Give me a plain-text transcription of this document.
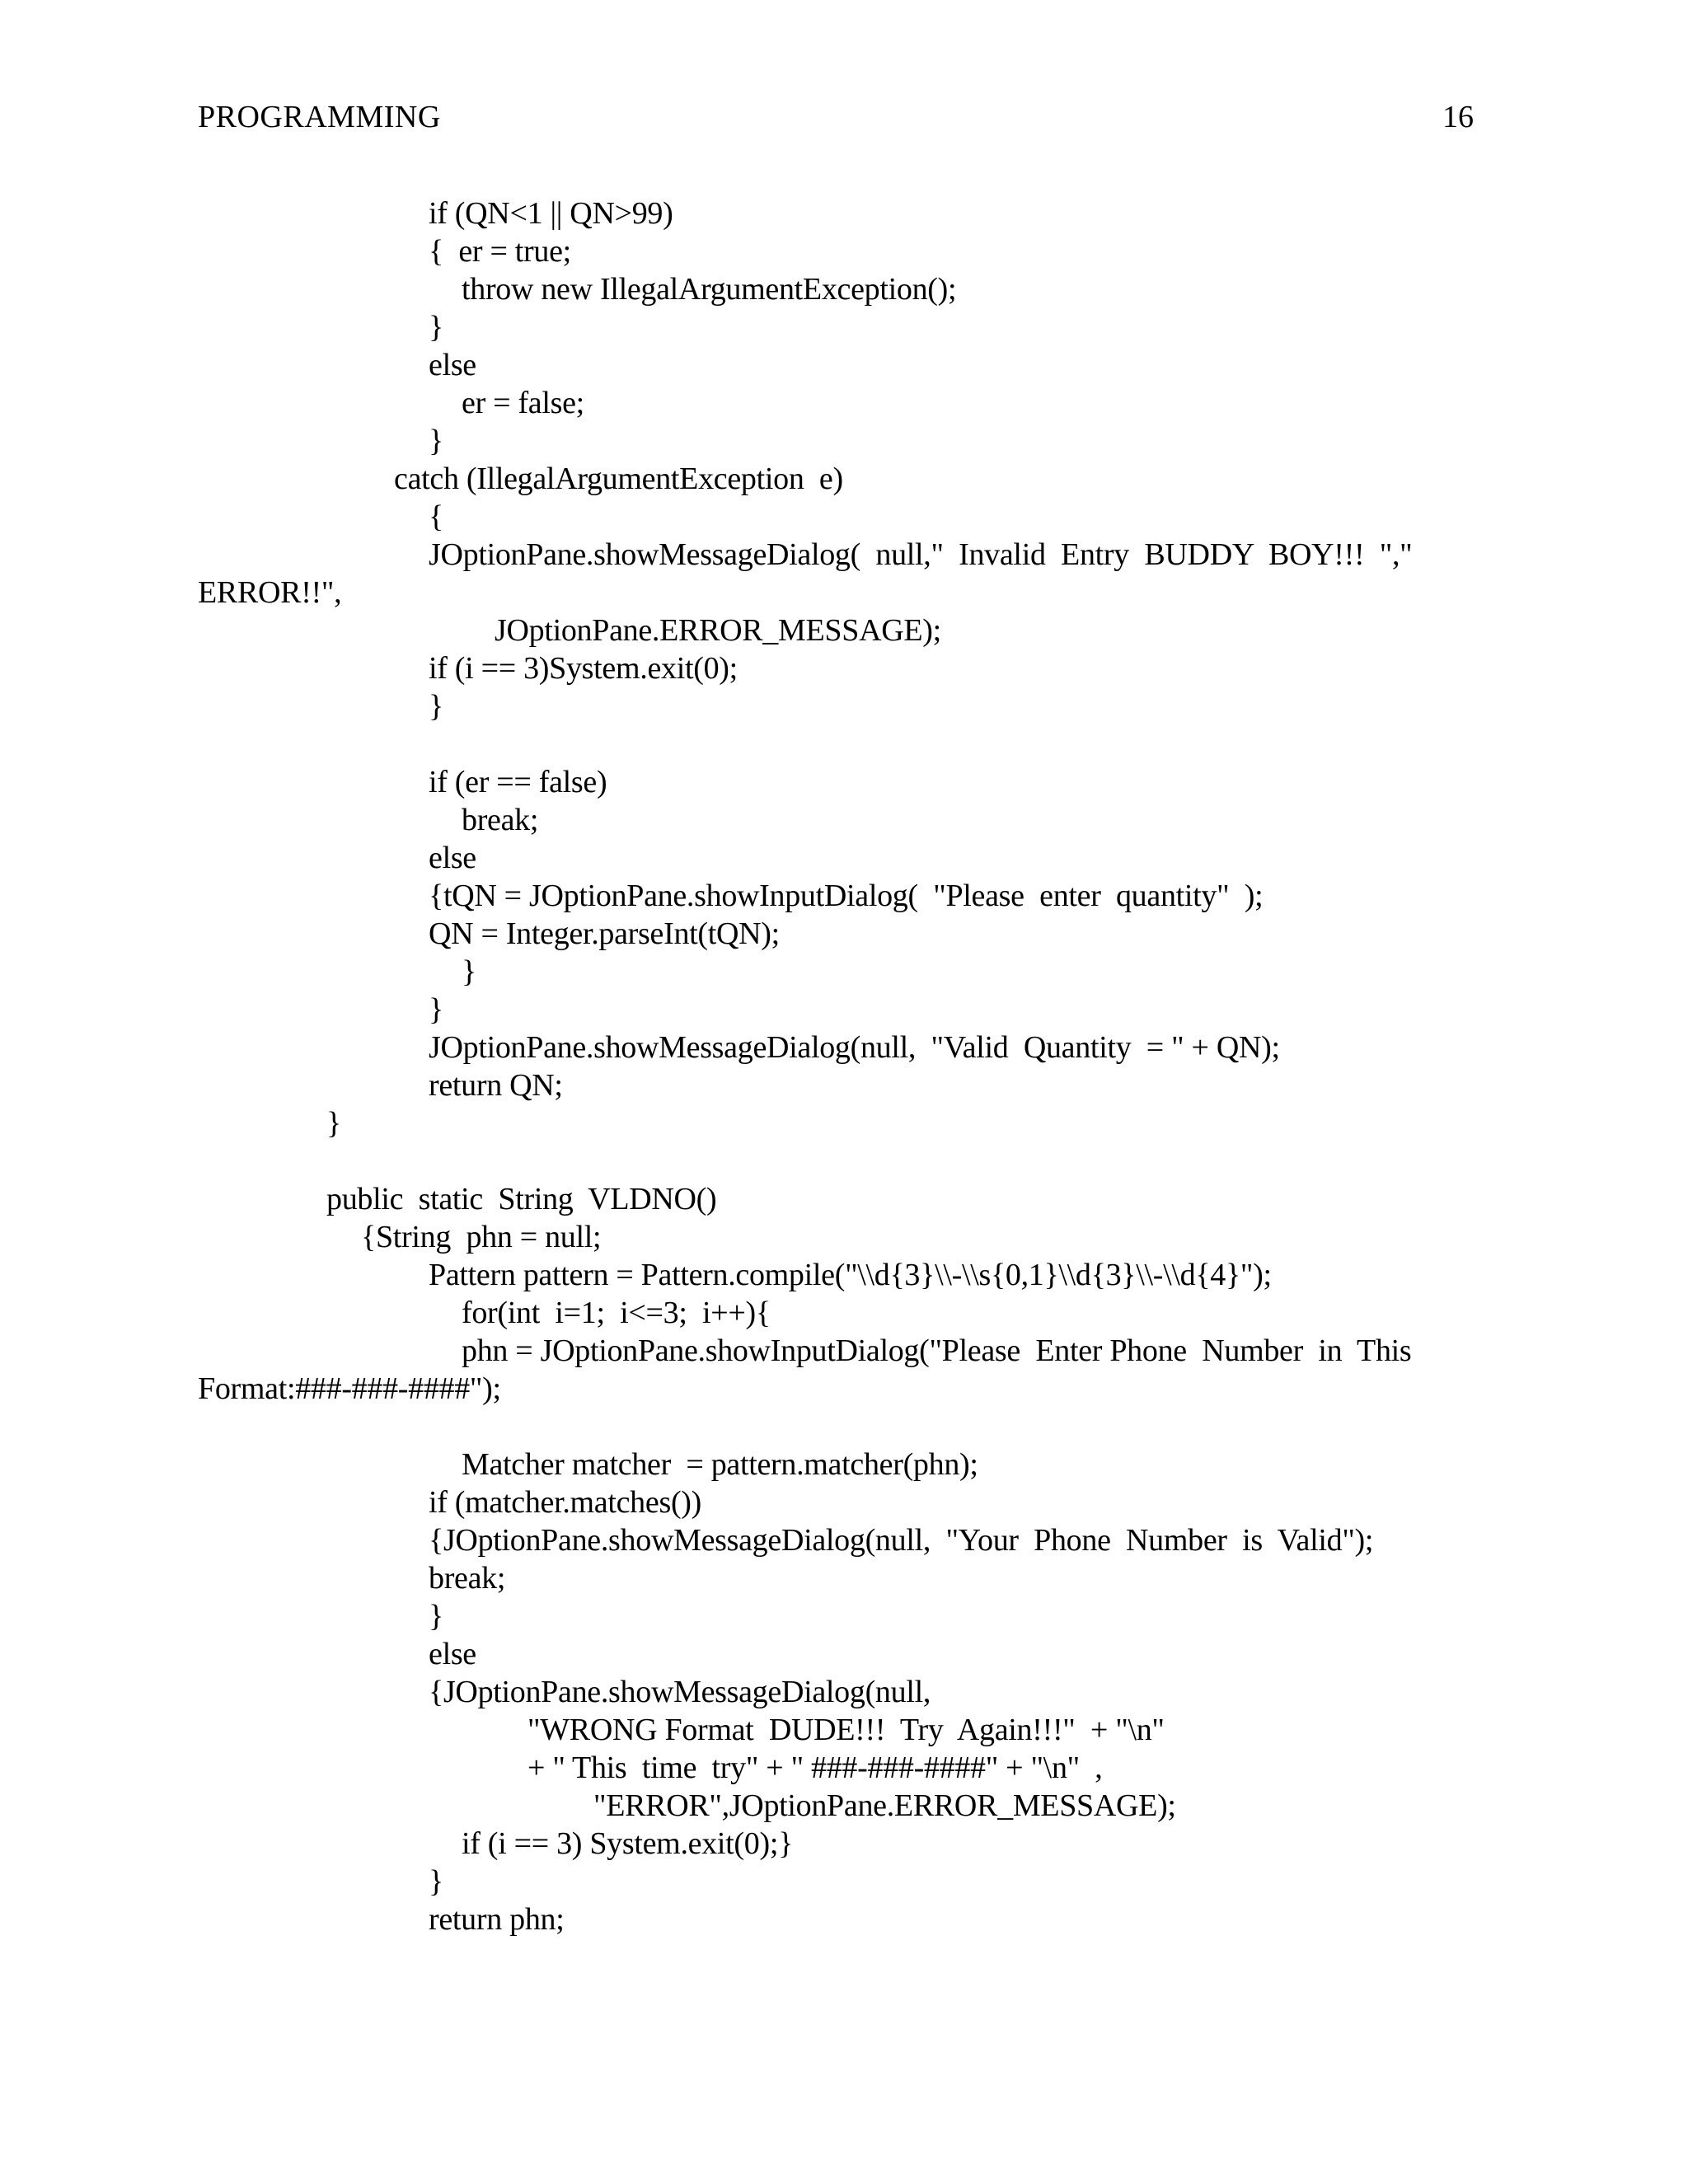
PROGRAMMING	16
if (QN<1 || QN>99)
{  er = true;
throw new IllegalArgumentException();
}
else
er = false;
}
catch (IllegalArgumentException  e)
{
JOptionPane.showMessageDialog(  null,"  Invalid  Entry  BUDDY  BOY!!!  ","
ERROR!!",
JOptionPane.ERROR_MESSAGE);
if (i == 3)System.exit(0);
}
if (er == false)
break;
else
{tQN = JOptionPane.showInputDialog(  "Please  enter  quantity"  );
QN = Integer.parseInt(tQN);
}
}
JOptionPane.showMessageDialog(null,  "Valid  Quantity  = " + QN);
return QN;
}
public  static  String  VLDNO()
{String  phn = null;
Pattern pattern = Pattern.compile("\\d{3}\\-\\s{0,1}\\d{3}\\-\\d{4}");
for(int  i=1;  i<=3;  i++){
phn = JOptionPane.showInputDialog("Please  Enter Phone  Number  in  This
Format:###-###-####");
Matcher matcher  = pattern.matcher(phn);
if (matcher.matches())
{JOptionPane.showMessageDialog(null,  "Your  Phone  Number  is  Valid");
break;
}
else
{JOptionPane.showMessageDialog(null,
"WRONG Format  DUDE!!!  Try  Again!!!"  + "\n"
+ " This  time  try" + " ###-###-####" + "\n"  ,
"ERROR",JOptionPane.ERROR_MESSAGE);
if (i == 3) System.exit(0);}
}
return phn;
